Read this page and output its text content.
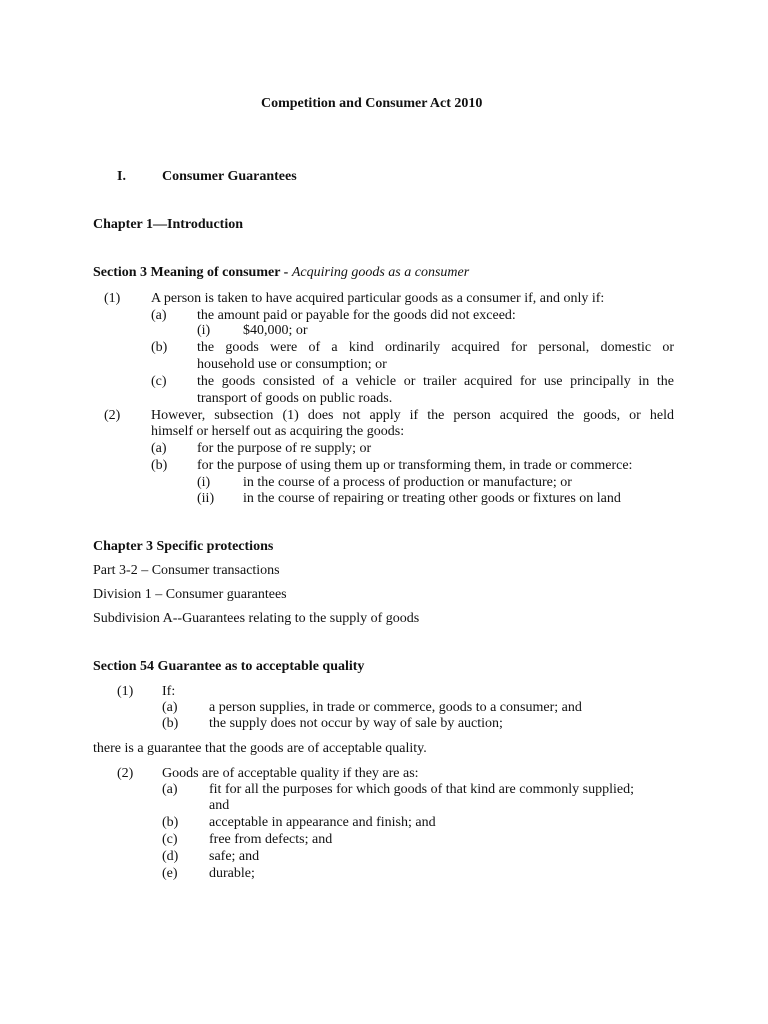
Competition and Consumer Act 2010
I.	Consumer Guarantees
Chapter 1—Introduction
Section 3 Meaning of consumer - Acquiring goods as a consumer
(1) A person is taken to have acquired particular goods as a consumer if, and only if:
(a) the amount paid or payable for the goods did not exceed:
(i) $40,000; or
(b) the goods were of a kind ordinarily acquired for personal, domestic or
household use or consumption; or
(c) the goods consisted of a vehicle or trailer acquired for use principally in the
transport of goods on public roads.
(2) However, subsection (1) does not apply if the person acquired the goods, or held
himself or herself out as acquiring the goods:
(a) for the purpose of re supply; or
(b) for the purpose of using them up or transforming them, in trade or commerce:
(i) in the course of a process of production or manufacture; or
(ii) in the course of repairing or treating other goods or fixtures on land
Chapter 3 Specific protections
Part 3-2 – Consumer transactions
Division 1 – Consumer guarantees
Subdivision A--Guarantees relating to the supply of goods
Section 54 Guarantee as to acceptable quality
(1) If:
(a) a person supplies, in trade or commerce, goods to a consumer; and
(b) the supply does not occur by way of sale by auction;
there is a guarantee that the goods are of acceptable quality.
(2) Goods are of acceptable quality if they are as:
(a) fit for all the purposes for which goods of that kind are commonly supplied;
and
(b) acceptable in appearance and finish; and
(c) free from defects; and
(d) safe; and
(e) durable;
